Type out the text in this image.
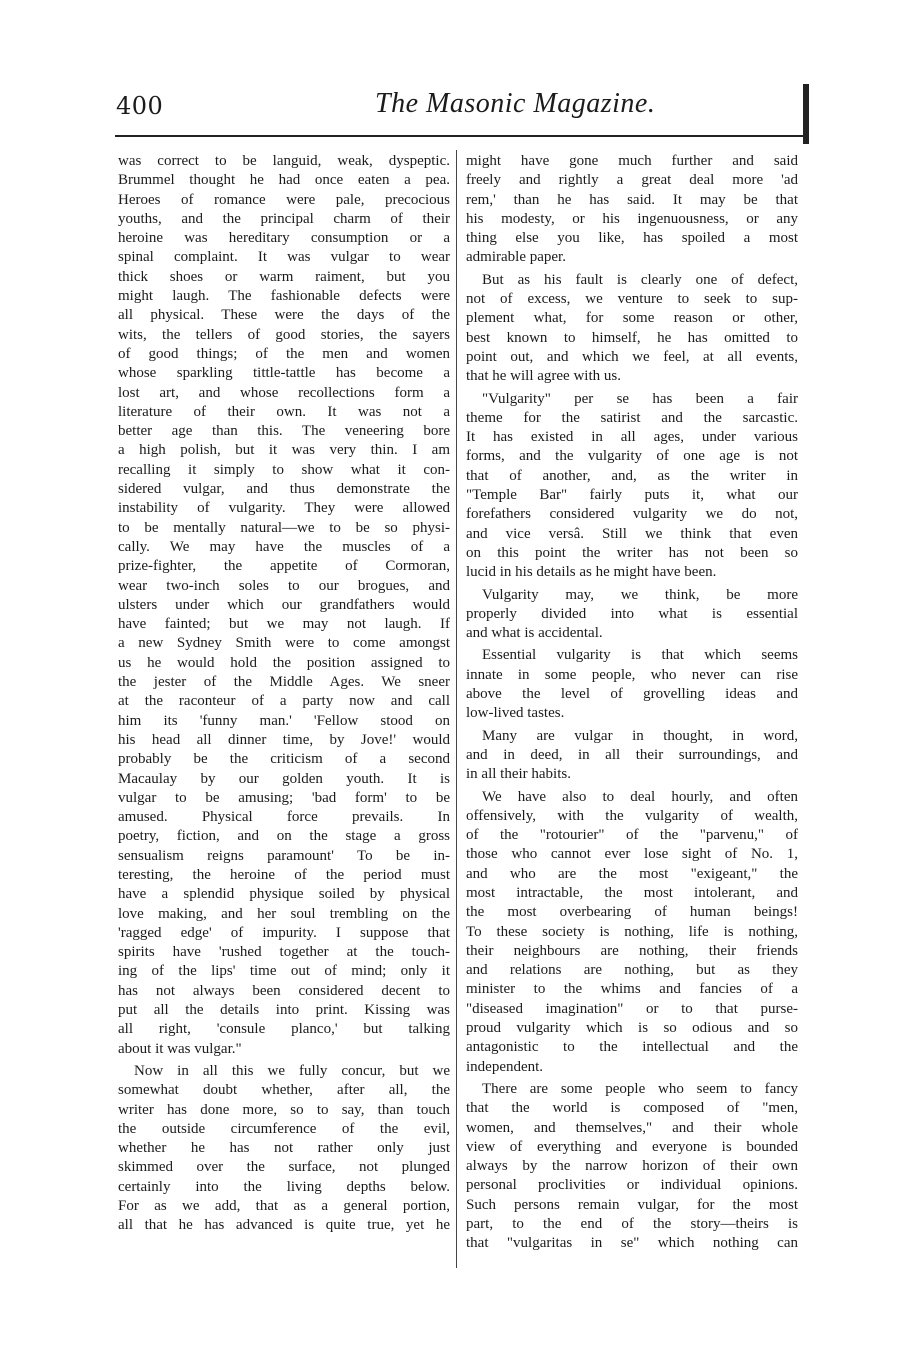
400	The Masonic Magazine.
was correct to be languid, weak, dyspeptic.
Brummel thought he had once eaten a pea.
Heroes of romance were pale, precocious
youths, and the principal charm of their
heroine was hereditary consumption or a
spinal complaint. It was vulgar to wear
thick shoes or warm raiment, but you
might laugh. The fashionable defects were
all physical. These were the days of the
wits, the tellers of good stories, the sayers
of good things; of the men and women
whose sparkling tittle-tattle has become a
lost art, and whose recollections form a
literature of their own. It was not a
better age than this. The veneering bore
a high polish, but it was very thin. I am
recalling it simply to show what it con-
sidered vulgar, and thus demonstrate the
instability of vulgarity. They were allowed
to be mentally natural—we to be so physi-
cally. We may have the muscles of a
prize-fighter, the appetite of Cormoran,
wear two-inch soles to our brogues, and
ulsters under which our grandfathers would
have fainted; but we may not laugh. If
a new Sydney Smith were to come amongst
us he would hold the position assigned to
the jester of the Middle Ages. We sneer
at the raconteur of a party now and call
him its 'funny man.' 'Fellow stood on
his head all dinner time, by Jove!' would
probably be the criticism of a second
Macaulay by our golden youth. It is
vulgar to be amusing; 'bad form' to be
amused. Physical force prevails. In
poetry, fiction, and on the stage a gross
sensualism reigns paramount' To be in-
teresting, the heroine of the period must
have a splendid physique soiled by physical
love making, and her soul trembling on the
'ragged edge' of impurity. I suppose that
spirits have 'rushed together at the touch-
ing of the lips' time out of mind; only it
has not always been considered decent to
put all the details into print. Kissing was
all right, 'consule planco,' but talking
about it was vulgar."
Now in all this we fully concur, but we
somewhat doubt whether, after all, the
writer has done more, so to say, than touch
the outside circumference of the evil,
whether he has not rather only just
skimmed over the surface, not plunged
certainly into the living depths below.
For as we add, that as a general portion,
all that he has advanced is quite true, yet he
might have gone much further and said
freely and rightly a great deal more 'ad
rem,' than he has said. It may be that
his modesty, or his ingenuousness, or any
thing else you like, has spoiled a most
admirable paper.
But as his fault is clearly one of defect,
not of excess, we venture to seek to sup-
plement what, for some reason or other,
best known to himself, he has omitted to
point out, and which we feel, at all events,
that he will agree with us.
"Vulgarity" per se has been a fair
theme for the satirist and the sarcastic.
It has existed in all ages, under various
forms, and the vulgarity of one age is not
that of another, and, as the writer in
"Temple Bar" fairly puts it, what our
forefathers considered vulgarity we do not,
and vice versâ. Still we think that even
on this point the writer has not been so
lucid in his details as he might have been.
Vulgarity may, we think, be more
properly divided into what is essential
and what is accidental.
Essential vulgarity is that which seems
innate in some people, who never can rise
above the level of grovelling ideas and
low-lived tastes.
Many are vulgar in thought, in word,
and in deed, in all their surroundings, and
in all their habits.
We have also to deal hourly, and often
offensively, with the vulgarity of wealth,
of the "rotourier" of the "parvenu," of
those who cannot ever lose sight of No. 1,
and who are the most "exigeant," the
most intractable, the most intolerant, and
the most overbearing of human beings!
To these society is nothing, life is nothing,
their neighbours are nothing, their friends
and relations are nothing, but as they
minister to the whims and fancies of a
"diseased imagination" or to that purse-
proud vulgarity which is so odious and so
antagonistic to the intellectual and the
independent.
There are some people who seem to fancy
that the world is composed of "men,
women, and themselves," and their whole
view of everything and everyone is bounded
always by the narrow horizon of their own
personal proclivities or individual opinions.
Such persons remain vulgar, for the most
part, to the end of the story—theirs is
that "vulgaritas in se" which nothing can
